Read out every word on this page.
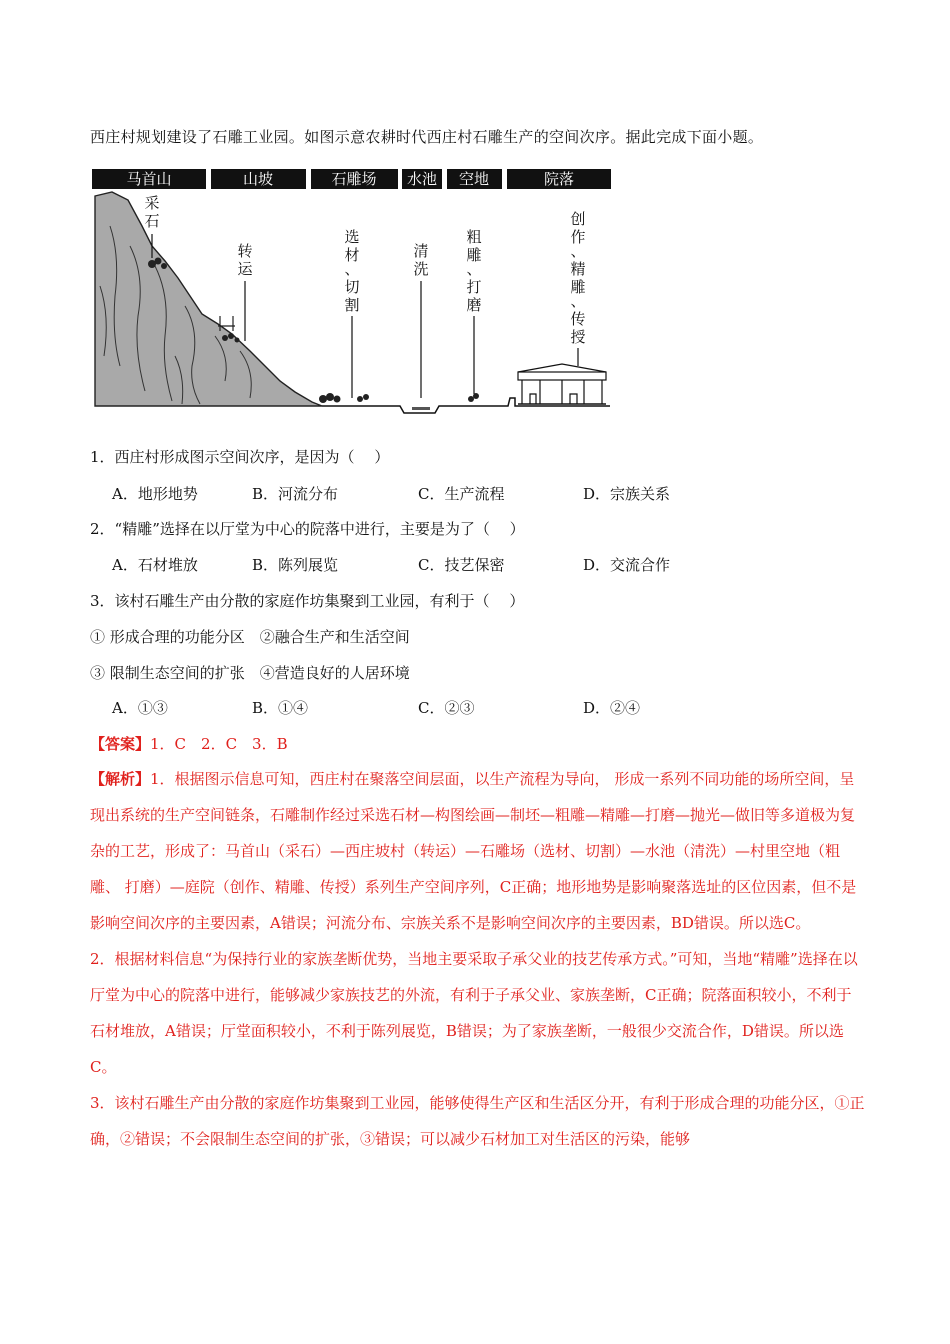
西庄村规划建设了石雕工业园。如图示意农耕时代西庄村石雕生产的空间次序。据此完成下面小题。
马首山	山坡	石雕场 水池 空地	院落
采
石
转
运
选
材
、
切
割
清
洗
粗
雕
、
打
磨
创
作
、
精
雕
、
传
授
1．西庄村形成图示空间次序，是因为（　 ）
A．地形地势	B．河流分布	C．生产流程	D．宗族关系
2．“精雕”选择在以厅堂为中心的院落中进行，主要是为了（　 ）
A．石材堆放	B．陈列展览	C．技艺保密	D．交流合作
3．该村石雕生产由分散的家庭作坊集聚到工业园，有利于（　 ）
① 形成合理的功能分区　②融合生产和生活空间
③ 限制生态空间的扩张　④营造良好的人居环境
A．①③	B．①④	C．②③	D．②④
【答案】1．C　2．C　3．B

【解析】1．根据图示信息可知，西庄村在聚落空间层面，以生产流程为导向， 形成一系列不同功能的场所空间，呈现出系统的生产空间链条，石雕制作经过采选石材—构图绘画—制坯—粗雕—精雕—打磨—抛光—做旧等多道极为复杂的工艺，形成了：马首山（采石）—西庄坡村（转运）—石雕场（选材、切割）—水池（清洗）—村里空地（粗雕、 打磨）—庭院（创作、精雕、传授）系列生产空间序列，C正确；地形地势是影响聚落选址的区位因素，但不是影响空间次序的主要因素，A错误；河流分布、宗族关系不是影响空间次序的主要因素，BD错误。所以选C。

2．根据材料信息“为保持行业的家族垄断优势，当地主要采取子承父业的技艺传承方式。”可知，当地“精雕”选择在以厅堂为中心的院落中进行，能够减少家族技艺的外流，有利于子承父业、家族垄断，C正确；院落面积较小，不利于石材堆放，A错误；厅堂面积较小，不利于陈列展览，B错误；为了家族垄断，一般很少交流合作，D错误。所以选C。

3．该村石雕生产由分散的家庭作坊集聚到工业园，能够使得生产区和生活区分开，有利于形成合理的功能分区，①正确，②错误；不会限制生态空间的扩张，③错误；可以减少石材加工对生活区的污染，能够
